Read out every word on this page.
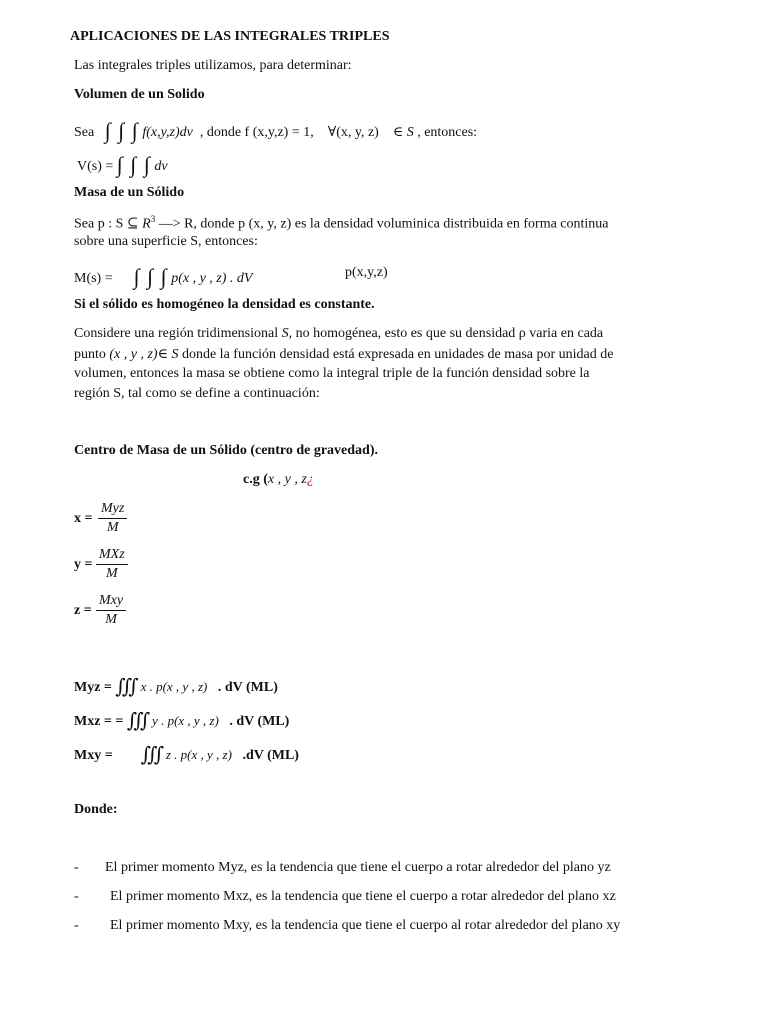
APLICACIONES DE LAS INTEGRALES TRIPLES
Las integrales triples utilizamos, para determinar:
Volumen de un Solido
Sea ∫ ∫ ∫ f(x,y,z)dv , donde f (x,y,z) = 1, ∀(x, y, z) ∈ S , entonces:
V(s) = ∫ ∫ ∫ dv
Masa de un Sólido
Sea p : S ⊆ $R^3$ —> R, donde p (x, y, z) es la densidad voluminica distribuida en forma continua
sobre una superficie S, entonces:
M(s) = ∫ ∫ ∫ p(x , y , z) . dV	p(x,y,z)
Si el sólido es homogéneo la densidad es constante.
Considere una región tridimensional S, no homogénea, esto es que su densidad ρ varia en cada
punto (x , y , z)∈ S donde la función densidad está expresada en unidades de masa por unidad de
volumen, entonces la masa se obtiene como la integral triple de la función densidad sobre la
región S, tal como se define a continuación:
Centro de Masa de un Sólido (centro de gravedad).
c.g (x , y , z¿
x =
Myz
M
y =
MXz
M
z =
Mxy
M
Myz = ∭ x . p(x , y , z) . dV (ML)
Mxz = = ∭ y . p(x , y , z) . dV (ML)
Mxy = ∭ z . p(x , y , z) .dV (ML)
Donde:
- El primer momento Myz, es la tendencia que tiene el cuerpo a rotar alrededor del plano yz
- El primer momento Mxz, es la tendencia que tiene el cuerpo a rotar alrededor del plano xz
- El primer momento Mxy, es la tendencia que tiene el cuerpo al rotar alrededor del plano xy
